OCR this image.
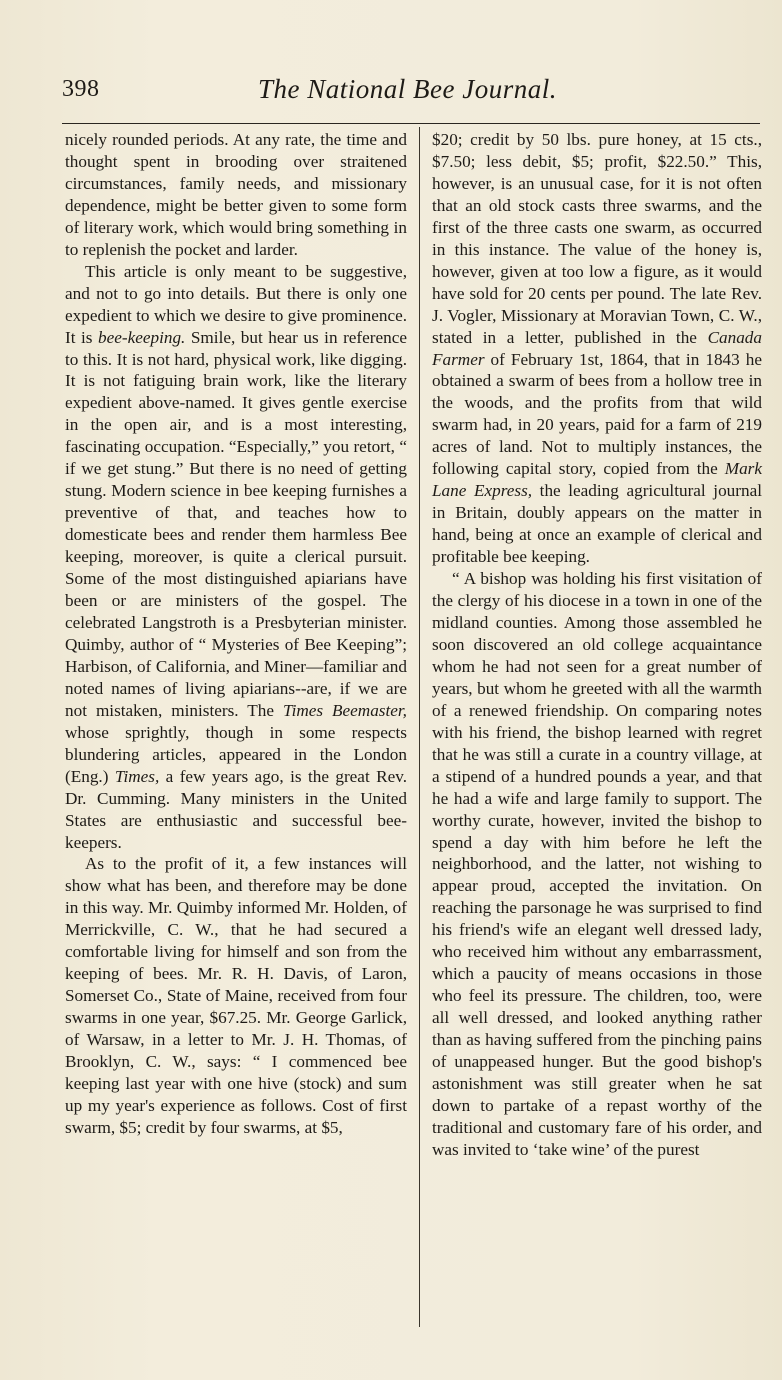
398	The National Bee Journal.

nicely rounded periods. At any rate, the time and thought spent in brooding over straitened circumstances, family needs, and missionary dependence, might be better given to some form of literary work, which would bring something in to replenish the pocket and larder.

This article is only meant to be suggestive, and not to go into details. But there is only one expedient to which we desire to give prominence. It is bee-keeping. Smile, but hear us in reference to this. It is not hard, physical work, like digging. It is not fatiguing brain work, like the literary expedient above-named. It gives gentle exercise in the open air, and is a most interesting, fascinating occupation. “Especially,” you retort, “ if we get stung.” But there is no need of getting stung. Modern science in bee keeping furnishes a preventive of that, and teaches how to domesticate bees and render them harmless Bee keeping, moreover, is quite a clerical pursuit. Some of the most distinguished apiarians have been or are ministers of the gospel. The celebrated Langstroth is a Presbyterian minister. Quimby, author of “ Mysteries of Bee Keeping”; Harbison, of California, and Miner—familiar and noted names of living apiarians--are, if we are not mistaken, ministers. The Times Beemaster, whose sprightly, though in some respects blundering articles, appeared in the London (Eng.) Times, a few years ago, is the great Rev. Dr. Cumming. Many ministers in the United States are enthusiastic and successful bee-keepers.

As to the profit of it, a few instances will show what has been, and therefore may be done in this way. Mr. Quimby informed Mr. Holden, of Merrickville, C. W., that he had secured a comfortable living for himself and son from the keeping of bees. Mr. R. H. Davis, of Laron, Somerset Co., State of Maine, received from four swarms in one year, $67.25. Mr. George Garlick, of Warsaw, in a letter to Mr. J. H. Thomas, of Brooklyn, C. W., says: “ I commenced bee keeping last year with one hive (stock) and sum up my year's experience as follows. Cost of first swarm, $5; credit by four swarms, at $5,

$20; credit by 50 lbs. pure honey, at 15 cts., $7.50; less debit, $5; profit, $22.50.” This, however, is an unusual case, for it is not often that an old stock casts three swarms, and the first of the three casts one swarm, as occurred in this instance. The value of the honey is, however, given at too low a figure, as it would have sold for 20 cents per pound. The late Rev. J. Vogler, Missionary at Moravian Town, C. W., stated in a letter, published in the Canada Farmer of February 1st, 1864, that in 1843 he obtained a swarm of bees from a hollow tree in the woods, and the profits from that wild swarm had, in 20 years, paid for a farm of 219 acres of land. Not to multiply instances, the following capital story, copied from the Mark Lane Express, the leading agricultural journal in Britain, doubly appears on the matter in hand, being at once an example of clerical and profitable bee keeping.

“ A bishop was holding his first visitation of the clergy of his diocese in a town in one of the midland counties. Among those assembled he soon discovered an old college acquaintance whom he had not seen for a great number of years, but whom he greeted with all the warmth of a renewed friendship. On comparing notes with his friend, the bishop learned with regret that he was still a curate in a country village, at a stipend of a hundred pounds a year, and that he had a wife and large family to support. The worthy curate, however, invited the bishop to spend a day with him before he left the neighborhood, and the latter, not wishing to appear proud, accepted the invitation. On reaching the parsonage he was surprised to find his friend's wife an elegant well dressed lady, who received him without any embarrassment, which a paucity of means occasions in those who feel its pressure. The children, too, were all well dressed, and looked anything rather than as having suffered from the pinching pains of unappeased hunger. But the good bishop's astonishment was still greater when he sat down to partake of a repast worthy of the traditional and customary fare of his order, and was invited to ‘take wine’ of the purest
